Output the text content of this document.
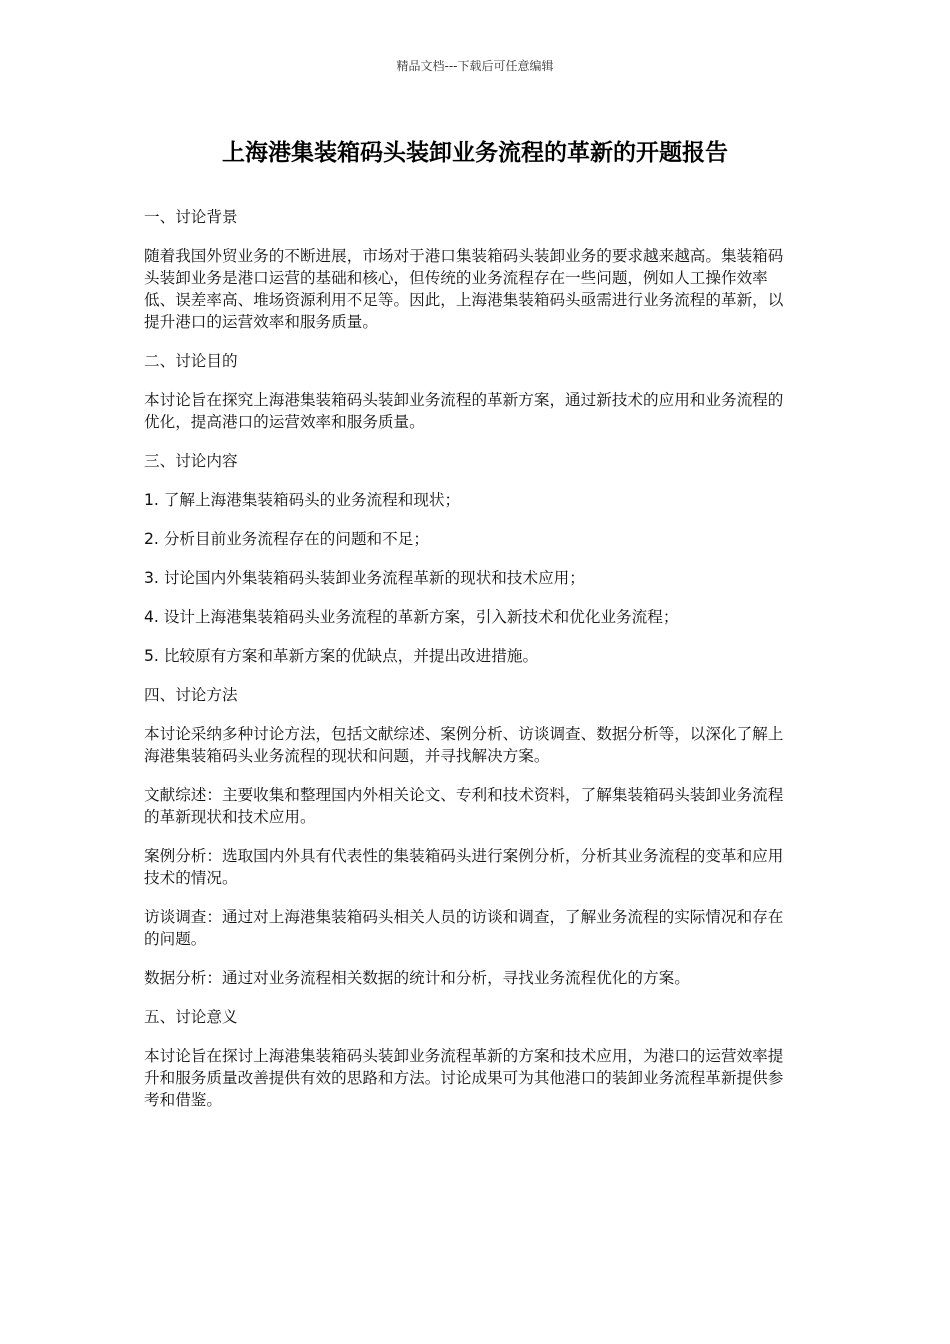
精品文档---下载后可任意编辑
上海港集装箱码头装卸业务流程的革新的开题报告

一、讨论背景

随着我国外贸业务的不断进展，市场对于港口集装箱码头装卸业务的要求越来越高。集装箱码头装卸业务是港口运营的基础和核心，但传统的业务流程存在一些问题，例如人工操作效率低、误差率高、堆场资源利用不足等。因此，上海港集装箱码头亟需进行业务流程的革新，以提升港口的运营效率和服务质量。

二、讨论目的

本讨论旨在探究上海港集装箱码头装卸业务流程的革新方案，通过新技术的应用和业务流程的优化，提高港口的运营效率和服务质量。

三、讨论内容

1. 了解上海港集装箱码头的业务流程和现状；

2. 分析目前业务流程存在的问题和不足；

3. 讨论国内外集装箱码头装卸业务流程革新的现状和技术应用；

4. 设计上海港集装箱码头业务流程的革新方案，引入新技术和优化业务流程；

5. 比较原有方案和革新方案的优缺点，并提出改进措施。

四、讨论方法

本讨论采纳多种讨论方法，包括文献综述、案例分析、访谈调查、数据分析等，以深化了解上海港集装箱码头业务流程的现状和问题，并寻找解决方案。

文献综述：主要收集和整理国内外相关论文、专利和技术资料，了解集装箱码头装卸业务流程的革新现状和技术应用。

案例分析：选取国内外具有代表性的集装箱码头进行案例分析，分析其业务流程的变革和应用技术的情况。

访谈调查：通过对上海港集装箱码头相关人员的访谈和调查，了解业务流程的实际情况和存在的问题。

数据分析：通过对业务流程相关数据的统计和分析，寻找业务流程优化的方案。

五、讨论意义

本讨论旨在探讨上海港集装箱码头装卸业务流程革新的方案和技术应用，为港口的运营效率提升和服务质量改善提供有效的思路和方法。讨论成果可为其他港口的装卸业务流程革新提供参考和借鉴。
